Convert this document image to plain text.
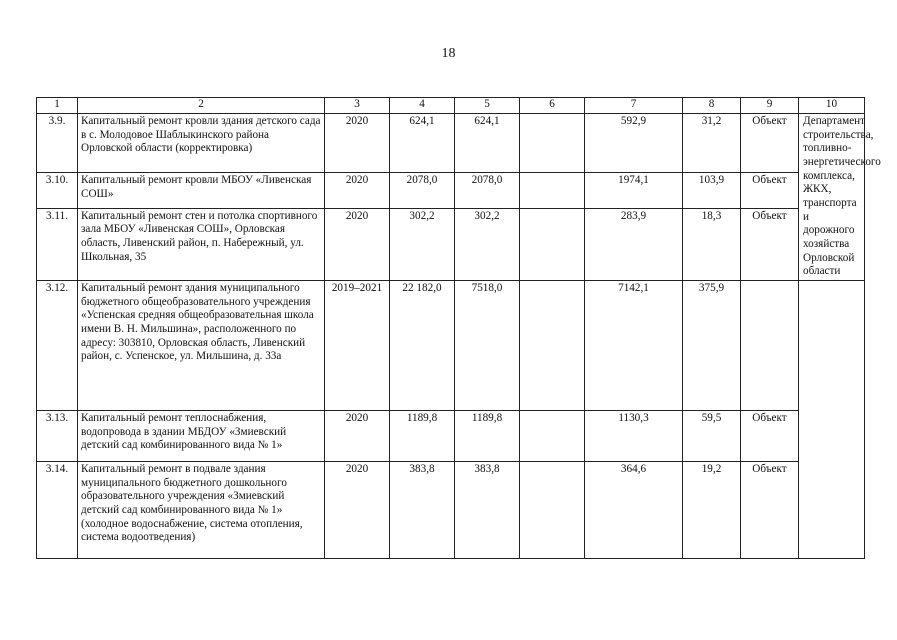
18
1	2	3	4	5	6	7	8	9	10
3.9.	Капитальный ремонт кровли здания детского сада в с. Молодовое Шаблыкинского района Орловской области (корректировка)	2020	624,1	624,1		592,9	31,2	Объект	Департамент строительства, топливно-энергетического комплекса, ЖКХ, транспорта и дорожного хозяйства Орловской области
3.10.	Капитальный ремонт кровли МБОУ «Ливенская СОШ»	2020	2078,0	2078,0		1974,1	103,9	Объект	
3.11.	Капитальный ремонт стен и потолка спортивного зала МБОУ «Ливенская СОШ», Орловская область, Ливенский район, п. Набережный, ул. Школьная, 35	2020	302,2	302,2		283,9	18,3	Объект	
3.12.	Капитальный ремонт здания муниципального бюджетного общеобразовательного учреждения «Успенская средняя общеобразовательная школа имени В. Н. Мильшина», расположенного по адресу: 303810, Орловская область, Ливенский район, с. Успенское, ул. Мильшина, д. 33а	2019–2021	22 182,0	7518,0		7142,1	375,9		
3.13.	Капитальный ремонт теплоснабжения, водопровода в здании МБДОУ «Змиевский детский сад комбинированного вида № 1»	2020	1189,8	1189,8		1130,3	59,5	Объект	
3.14.	Капитальный ремонт в подвале здания муниципального бюджетного дошкольного образовательного учреждения «Змиевский детский сад комбинированного вида № 1» (холодное водоснабжение, система отопления, система водоотведения)	2020	383,8	383,8		364,6	19,2	Объект	
